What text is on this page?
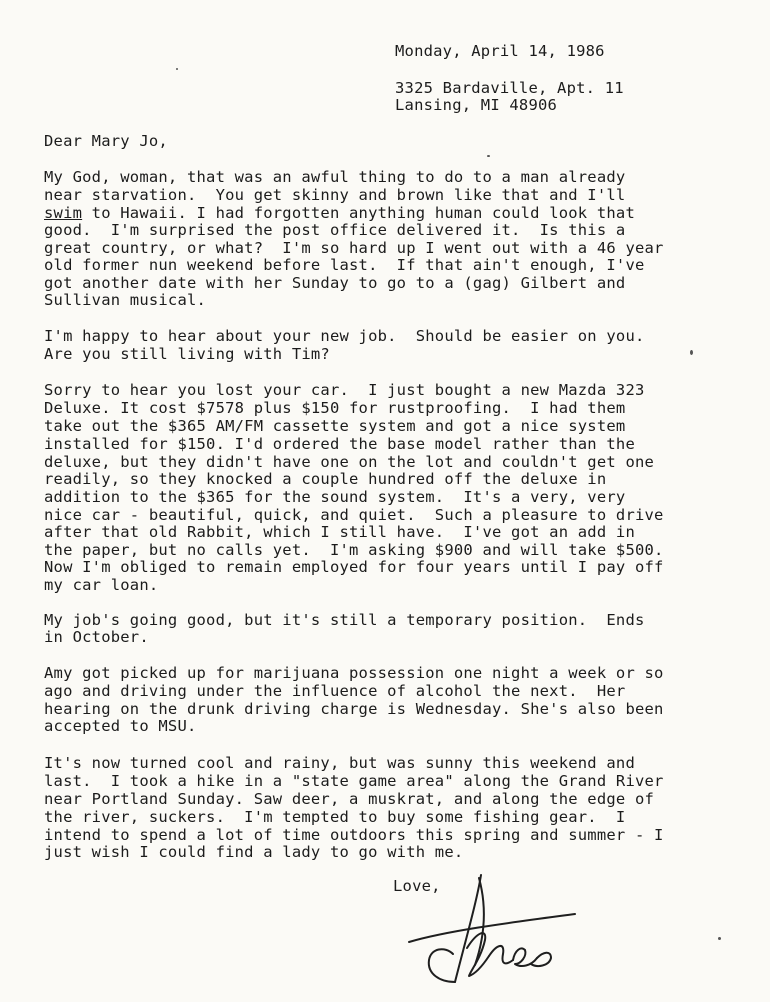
Monday, April 14, 1986
3325 Bardaville, Apt. 11
Lansing, MI 48906
Dear Mary Jo,
My God, woman, that was an awful thing to do to a man already
near starvation.  You get skinny and brown like that and I'll
swim to Hawaii. I had forgotten anything human could look that
good.  I'm surprised the post office delivered it.  Is this a
great country, or what?  I'm so hard up I went out with a 46 year
old former nun weekend before last.  If that ain't enough, I've
got another date with her Sunday to go to a (gag) Gilbert and
Sullivan musical.
I'm happy to hear about your new job.  Should be easier on you.
Are you still living with Tim?
Sorry to hear you lost your car.  I just bought a new Mazda 323
Deluxe. It cost $7578 plus $150 for rustproofing.  I had them
take out the $365 AM/FM cassette system and got a nice system
installed for $150. I'd ordered the base model rather than the
deluxe, but they didn't have one on the lot and couldn't get one
readily, so they knocked a couple hundred off the deluxe in
addition to the $365 for the sound system.  It's a very, very
nice car - beautiful, quick, and quiet.  Such a pleasure to drive
after that old Rabbit, which I still have.  I've got an add in
the paper, but no calls yet.  I'm asking $900 and will take $500.
Now I'm obliged to remain employed for four years until I pay off
my car loan.
My job's going good, but it's still a temporary position.  Ends
in October.
Amy got picked up for marijuana possession one night a week or so
ago and driving under the influence of alcohol the next.  Her
hearing on the drunk driving charge is Wednesday. She's also been
accepted to MSU.
It's now turned cool and rainy, but was sunny this weekend and
last.  I took a hike in a "state game area" along the Grand River
near Portland Sunday. Saw deer, a muskrat, and along the edge of
the river, suckers.  I'm tempted to buy some fishing gear.  I
intend to spend a lot of time outdoors this spring and summer - I
just wish I could find a lady to go with me.
Love,
